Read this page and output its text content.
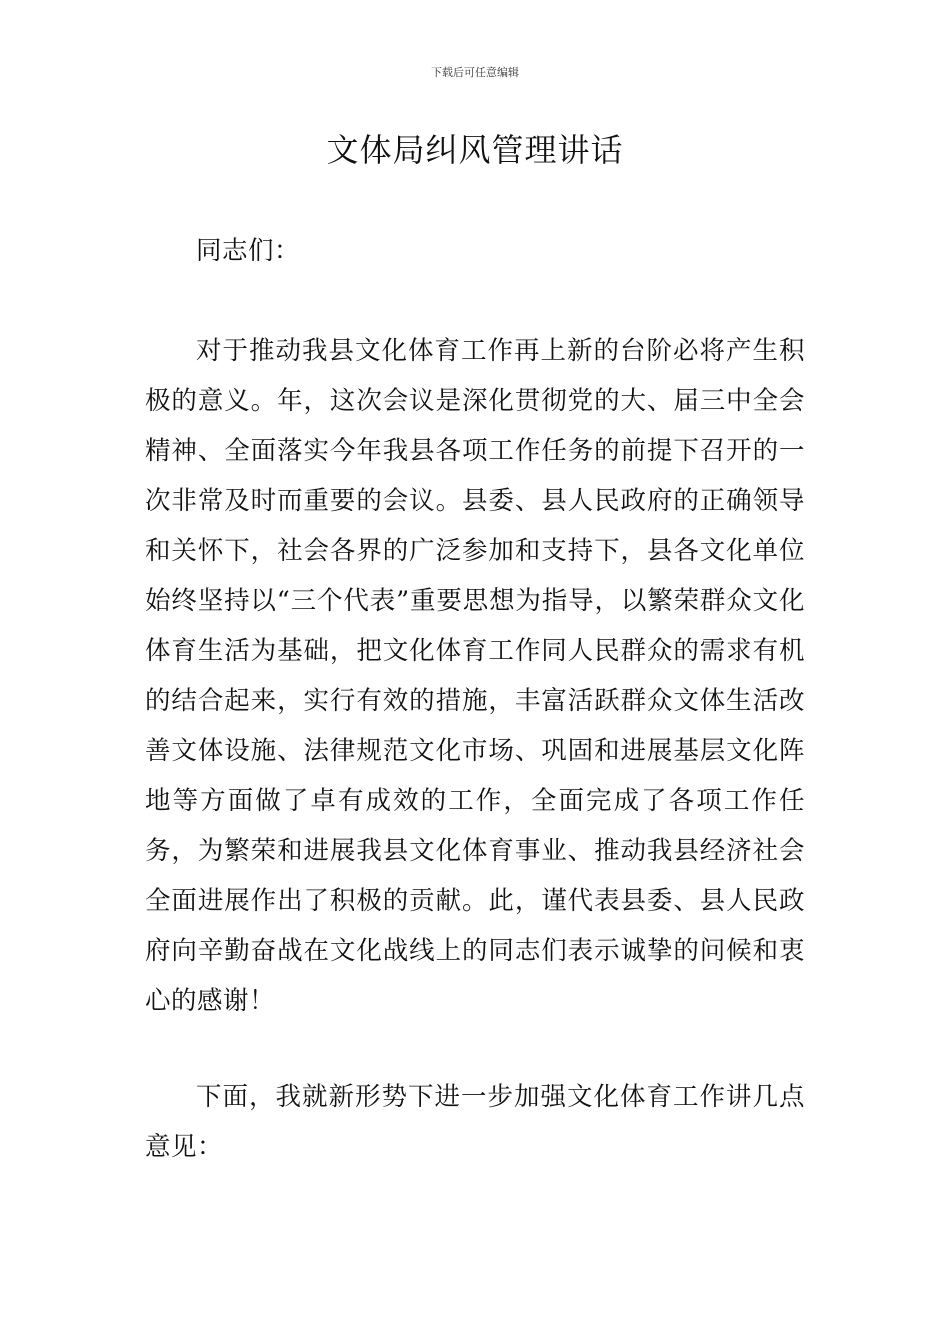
下载后可任意编辑
文体局纠风管理讲话

同志们：

对于推动我县文化体育工作再上新的台阶必将产生积极的意义。年，这次会议是深化贯彻党的大、届三中全会精神、全面落实今年我县各项工作任务的前提下召开的一次非常及时而重要的会议。县委、县人民政府的正确领导和关怀下，社会各界的广泛参加和支持下，县各文化单位始终坚持以“三个代表”重要思想为指导，以繁荣群众文化体育生活为基础，把文化体育工作同人民群众的需求有机的结合起来，实行有效的措施，丰富活跃群众文体生活改善文体设施、法律规范文化市场、巩固和进展基层文化阵地等方面做了卓有成效的工作，全面完成了各项工作任务，为繁荣和进展我县文化体育事业、推动我县经济社会全面进展作出了积极的贡献。此，谨代表县委、县人民政府向辛勤奋战在文化战线上的同志们表示诚挚的问候和衷心的感谢！

下面，我就新形势下进一步加强文化体育工作讲几点意见：
